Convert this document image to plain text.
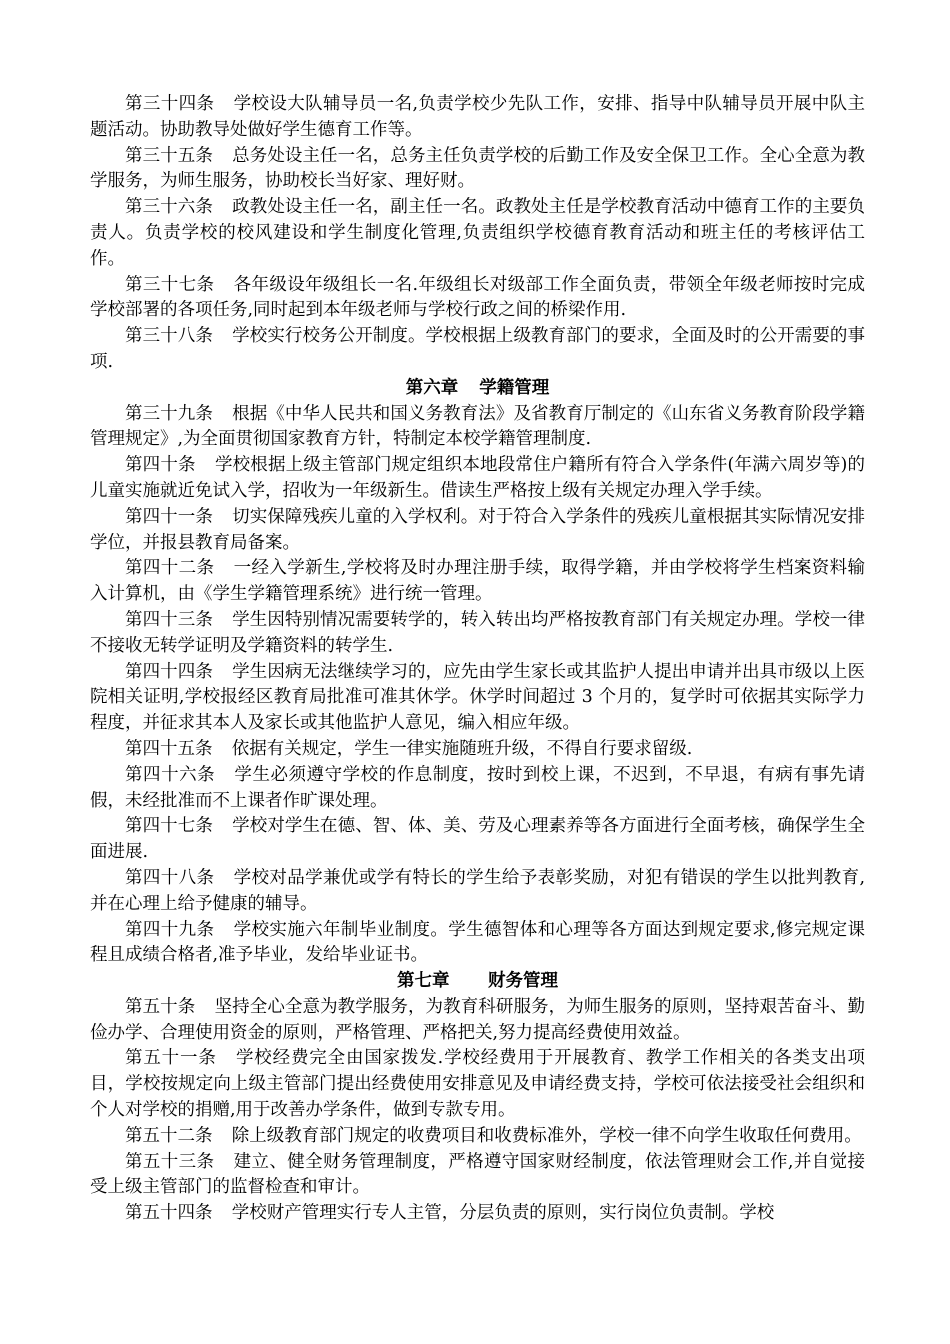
第三十四条 学校设大队辅导员一名,负责学校少先队工作，安排、指导中队辅导员开展中队主题活动。协助教导处做好学生德育工作等。

第三十五条 总务处设主任一名，总务主任负责学校的后勤工作及安全保卫工作。全心全意为教学服务，为师生服务，协助校长当好家、理好财。

第三十六条 政教处设主任一名，副主任一名。政教处主任是学校教育活动中德育工作的主要负责人。负责学校的校风建设和学生制度化管理,负责组织学校德育教育活动和班主任的考核评估工作。

第三十七条 各年级设年级组长一名.年级组长对级部工作全面负责，带领全年级老师按时完成学校部署的各项任务,同时起到本年级老师与学校行政之间的桥梁作用.

第三十八条 学校实行校务公开制度。学校根据上级教育部门的要求，全面及时的公开需要的事项.

第六章 学籍管理

第三十九条 根据《中华人民共和国义务教育法》及省教育厅制定的《山东省义务教育阶段学籍管理规定》,为全面贯彻国家教育方针，特制定本校学籍管理制度.

第四十条 学校根据上级主管部门规定组织本地段常住户籍所有符合入学条件(年满六周岁等)的儿童实施就近免试入学，招收为一年级新生。借读生严格按上级有关规定办理入学手续。

第四十一条 切实保障残疾儿童的入学权利。对于符合入学条件的残疾儿童根据其实际情况安排学位，并报县教育局备案。

第四十二条 一经入学新生,学校将及时办理注册手续，取得学籍，并由学校将学生档案资料输入计算机，由《学生学籍管理系统》进行统一管理。

第四十三条 学生因特别情况需要转学的，转入转出均严格按教育部门有关规定办理。学校一律不接收无转学证明及学籍资料的转学生.

第四十四条 学生因病无法继续学习的，应先由学生家长或其监护人提出申请并出具市级以上医院相关证明,学校报经区教育局批准可准其休学。休学时间超过 3 个月的，复学时可依据其实际学力程度，并征求其本人及家长或其他监护人意见，编入相应年级。

第四十五条 依据有关规定，学生一律实施随班升级，不得自行要求留级.

第四十六条 学生必须遵守学校的作息制度，按时到校上课，不迟到，不早退，有病有事先请假，未经批准而不上课者作旷课处理。

第四十七条 学校对学生在德、智、体、美、劳及心理素养等各方面进行全面考核，确保学生全面进展.

第四十八条 学校对品学兼优或学有特长的学生给予表彰奖励，对犯有错误的学生以批判教育,并在心理上给予健康的辅导。

第四十九条 学校实施六年制毕业制度。学生德智体和心理等各方面达到规定要求,修完规定课程且成绩合格者,准予毕业，发给毕业证书。

第七章 财务管理

第五十条 坚持全心全意为教学服务，为教育科研服务，为师生服务的原则，坚持艰苦奋斗、勤俭办学、合理使用资金的原则，严格管理、严格把关,努力提高经费使用效益。

第五十一条 学校经费完全由国家拨发.学校经费用于开展教育、教学工作相关的各类支出项目，学校按规定向上级主管部门提出经费使用安排意见及申请经费支持，学校可依法接受社会组织和个人对学校的捐赠,用于改善办学条件，做到专款专用。

第五十二条 除上级教育部门规定的收费项目和收费标准外，学校一律不向学生收取任何费用。

第五十三条 建立、健全财务管理制度，严格遵守国家财经制度，依法管理财会工作,并自觉接受上级主管部门的监督检查和审计。

第五十四条 学校财产管理实行专人主管，分层负责的原则，实行岗位负责制。学校
